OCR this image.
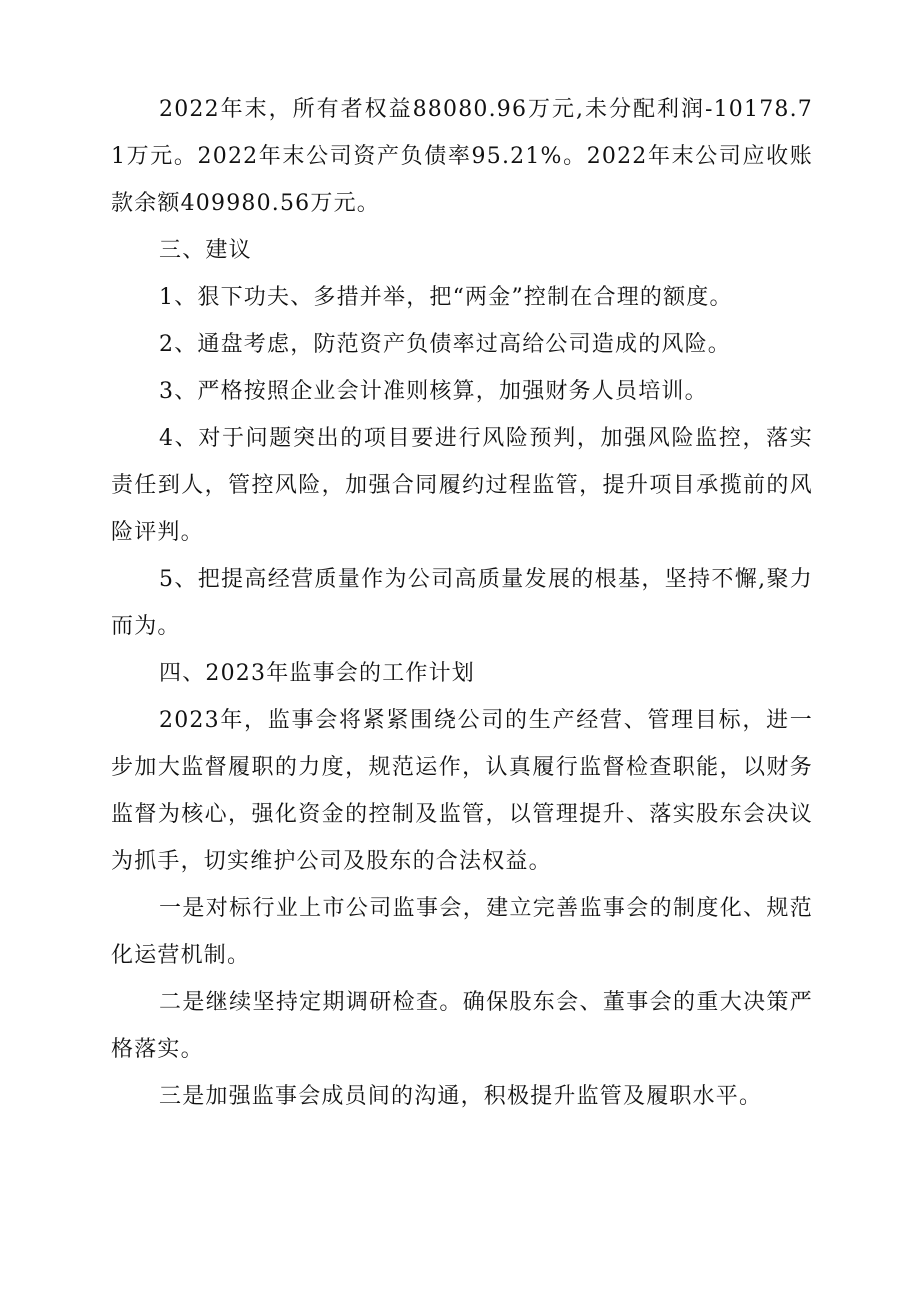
2022年末，所有者权益88080.96万元,未分配利润-10178.71万元。2022年末公司资产负债率95.21%。2022年末公司应收账款余额409980.56万元。

三、建议

1、狠下功夫、多措并举，把“两金”控制在合理的额度。

2、通盘考虑，防范资产负债率过高给公司造成的风险。

3、严格按照企业会计准则核算，加强财务人员培训。

4、对于问题突出的项目要进行风险预判，加强风险监控，落实责任到人，管控风险，加强合同履约过程监管，提升项目承揽前的风险评判。

5、把提高经营质量作为公司高质量发展的根基，坚持不懈,聚力而为。

四、2023年监事会的工作计划

2023年，监事会将紧紧围绕公司的生产经营、管理目标，进一步加大监督履职的力度，规范运作，认真履行监督检查职能，以财务监督为核心，强化资金的控制及监管，以管理提升、落实股东会决议为抓手，切实维护公司及股东的合法权益。

一是对标行业上市公司监事会，建立完善监事会的制度化、规范化运营机制。

二是继续坚持定期调研检查。确保股东会、董事会的重大决策严格落实。

三是加强监事会成员间的沟通，积极提升监管及履职水平。
